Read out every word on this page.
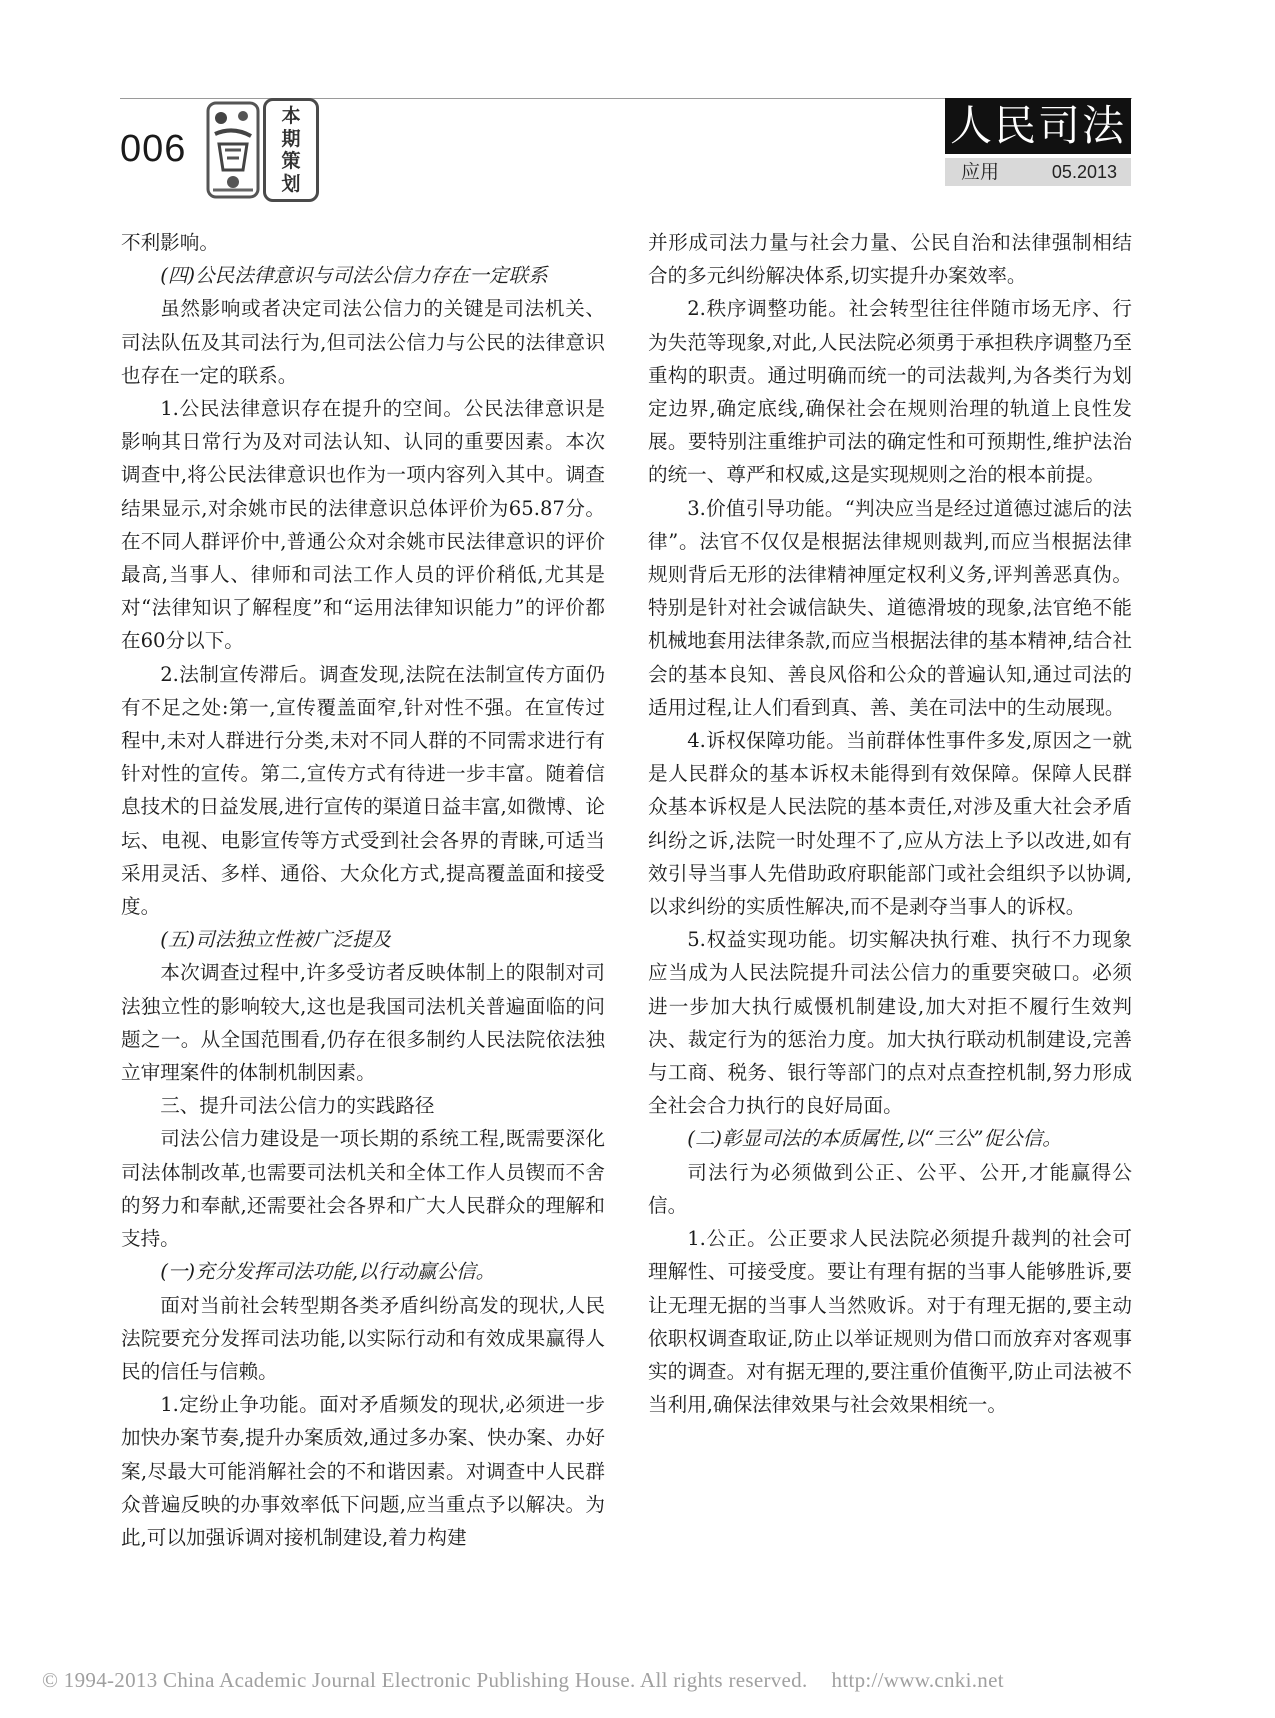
006
本
期
策
划
人民司法
应用	05.2013

不利影响。

(四)公民法律意识与司法公信力存在一定联系

虽然影响或者决定司法公信力的关键是司法机关、司法队伍及其司法行为,但司法公信力与公民的法律意识也存在一定的联系。

1.公民法律意识存在提升的空间。公民法律意识是影响其日常行为及对司法认知、认同的重要因素。本次调查中,将公民法律意识也作为一项内容列入其中。调查结果显示,对余姚市民的法律意识总体评价为65.87分。在不同人群评价中,普通公众对余姚市民法律意识的评价最高,当事人、律师和司法工作人员的评价稍低,尤其是对“法律知识了解程度”和“运用法律知识能力”的评价都在60分以下。

2.法制宣传滞后。调查发现,法院在法制宣传方面仍有不足之处:第一,宣传覆盖面窄,针对性不强。在宣传过程中,未对人群进行分类,未对不同人群的不同需求进行有针对性的宣传。第二,宣传方式有待进一步丰富。随着信息技术的日益发展,进行宣传的渠道日益丰富,如微博、论坛、电视、电影宣传等方式受到社会各界的青睐,可适当采用灵活、多样、通俗、大众化方式,提高覆盖面和接受度。

(五)司法独立性被广泛提及

本次调查过程中,许多受访者反映体制上的限制对司法独立性的影响较大,这也是我国司法机关普遍面临的问题之一。从全国范围看,仍存在很多制约人民法院依法独立审理案件的体制机制因素。

三、提升司法公信力的实践路径

司法公信力建设是一项长期的系统工程,既需要深化司法体制改革,也需要司法机关和全体工作人员锲而不舍的努力和奉献,还需要社会各界和广大人民群众的理解和支持。

(一)充分发挥司法功能,以行动赢公信。

面对当前社会转型期各类矛盾纠纷高发的现状,人民法院要充分发挥司法功能,以实际行动和有效成果赢得人民的信任与信赖。

1.定纷止争功能。面对矛盾频发的现状,必须进一步加快办案节奏,提升办案质效,通过多办案、快办案、办好案,尽最大可能消解社会的不和谐因素。对调查中人民群众普遍反映的办事效率低下问题,应当重点予以解决。为此,可以加强诉调对接机制建设,着力构建

并形成司法力量与社会力量、公民自治和法律强制相结合的多元纠纷解决体系,切实提升办案效率。

2.秩序调整功能。社会转型往往伴随市场无序、行为失范等现象,对此,人民法院必须勇于承担秩序调整乃至重构的职责。通过明确而统一的司法裁判,为各类行为划定边界,确定底线,确保社会在规则治理的轨道上良性发展。要特别注重维护司法的确定性和可预期性,维护法治的统一、尊严和权威,这是实现规则之治的根本前提。

3.价值引导功能。“判决应当是经过道德过滤后的法律”。法官不仅仅是根据法律规则裁判,而应当根据法律规则背后无形的法律精神厘定权利义务,评判善恶真伪。特别是针对社会诚信缺失、道德滑坡的现象,法官绝不能机械地套用法律条款,而应当根据法律的基本精神,结合社会的基本良知、善良风俗和公众的普遍认知,通过司法的适用过程,让人们看到真、善、美在司法中的生动展现。

4.诉权保障功能。当前群体性事件多发,原因之一就是人民群众的基本诉权未能得到有效保障。保障人民群众基本诉权是人民法院的基本责任,对涉及重大社会矛盾纠纷之诉,法院一时处理不了,应从方法上予以改进,如有效引导当事人先借助政府职能部门或社会组织予以协调,以求纠纷的实质性解决,而不是剥夺当事人的诉权。

5.权益实现功能。切实解决执行难、执行不力现象应当成为人民法院提升司法公信力的重要突破口。必须进一步加大执行威慑机制建设,加大对拒不履行生效判决、裁定行为的惩治力度。加大执行联动机制建设,完善与工商、税务、银行等部门的点对点查控机制,努力形成全社会合力执行的良好局面。

(二)彰显司法的本质属性,以“三公”促公信。

司法行为必须做到公正、公平、公开,才能赢得公信。

1.公正。公正要求人民法院必须提升裁判的社会可理解性、可接受度。要让有理有据的当事人能够胜诉,要让无理无据的当事人当然败诉。对于有理无据的,要主动依职权调查取证,防止以举证规则为借口而放弃对客观事实的调查。对有据无理的,要注重价值衡平,防止司法被不当利用,确保法律效果与社会效果相统一。

© 1994-2013 China Academic Journal Electronic Publishing House. All rights reserved. http://www.cnki.net
